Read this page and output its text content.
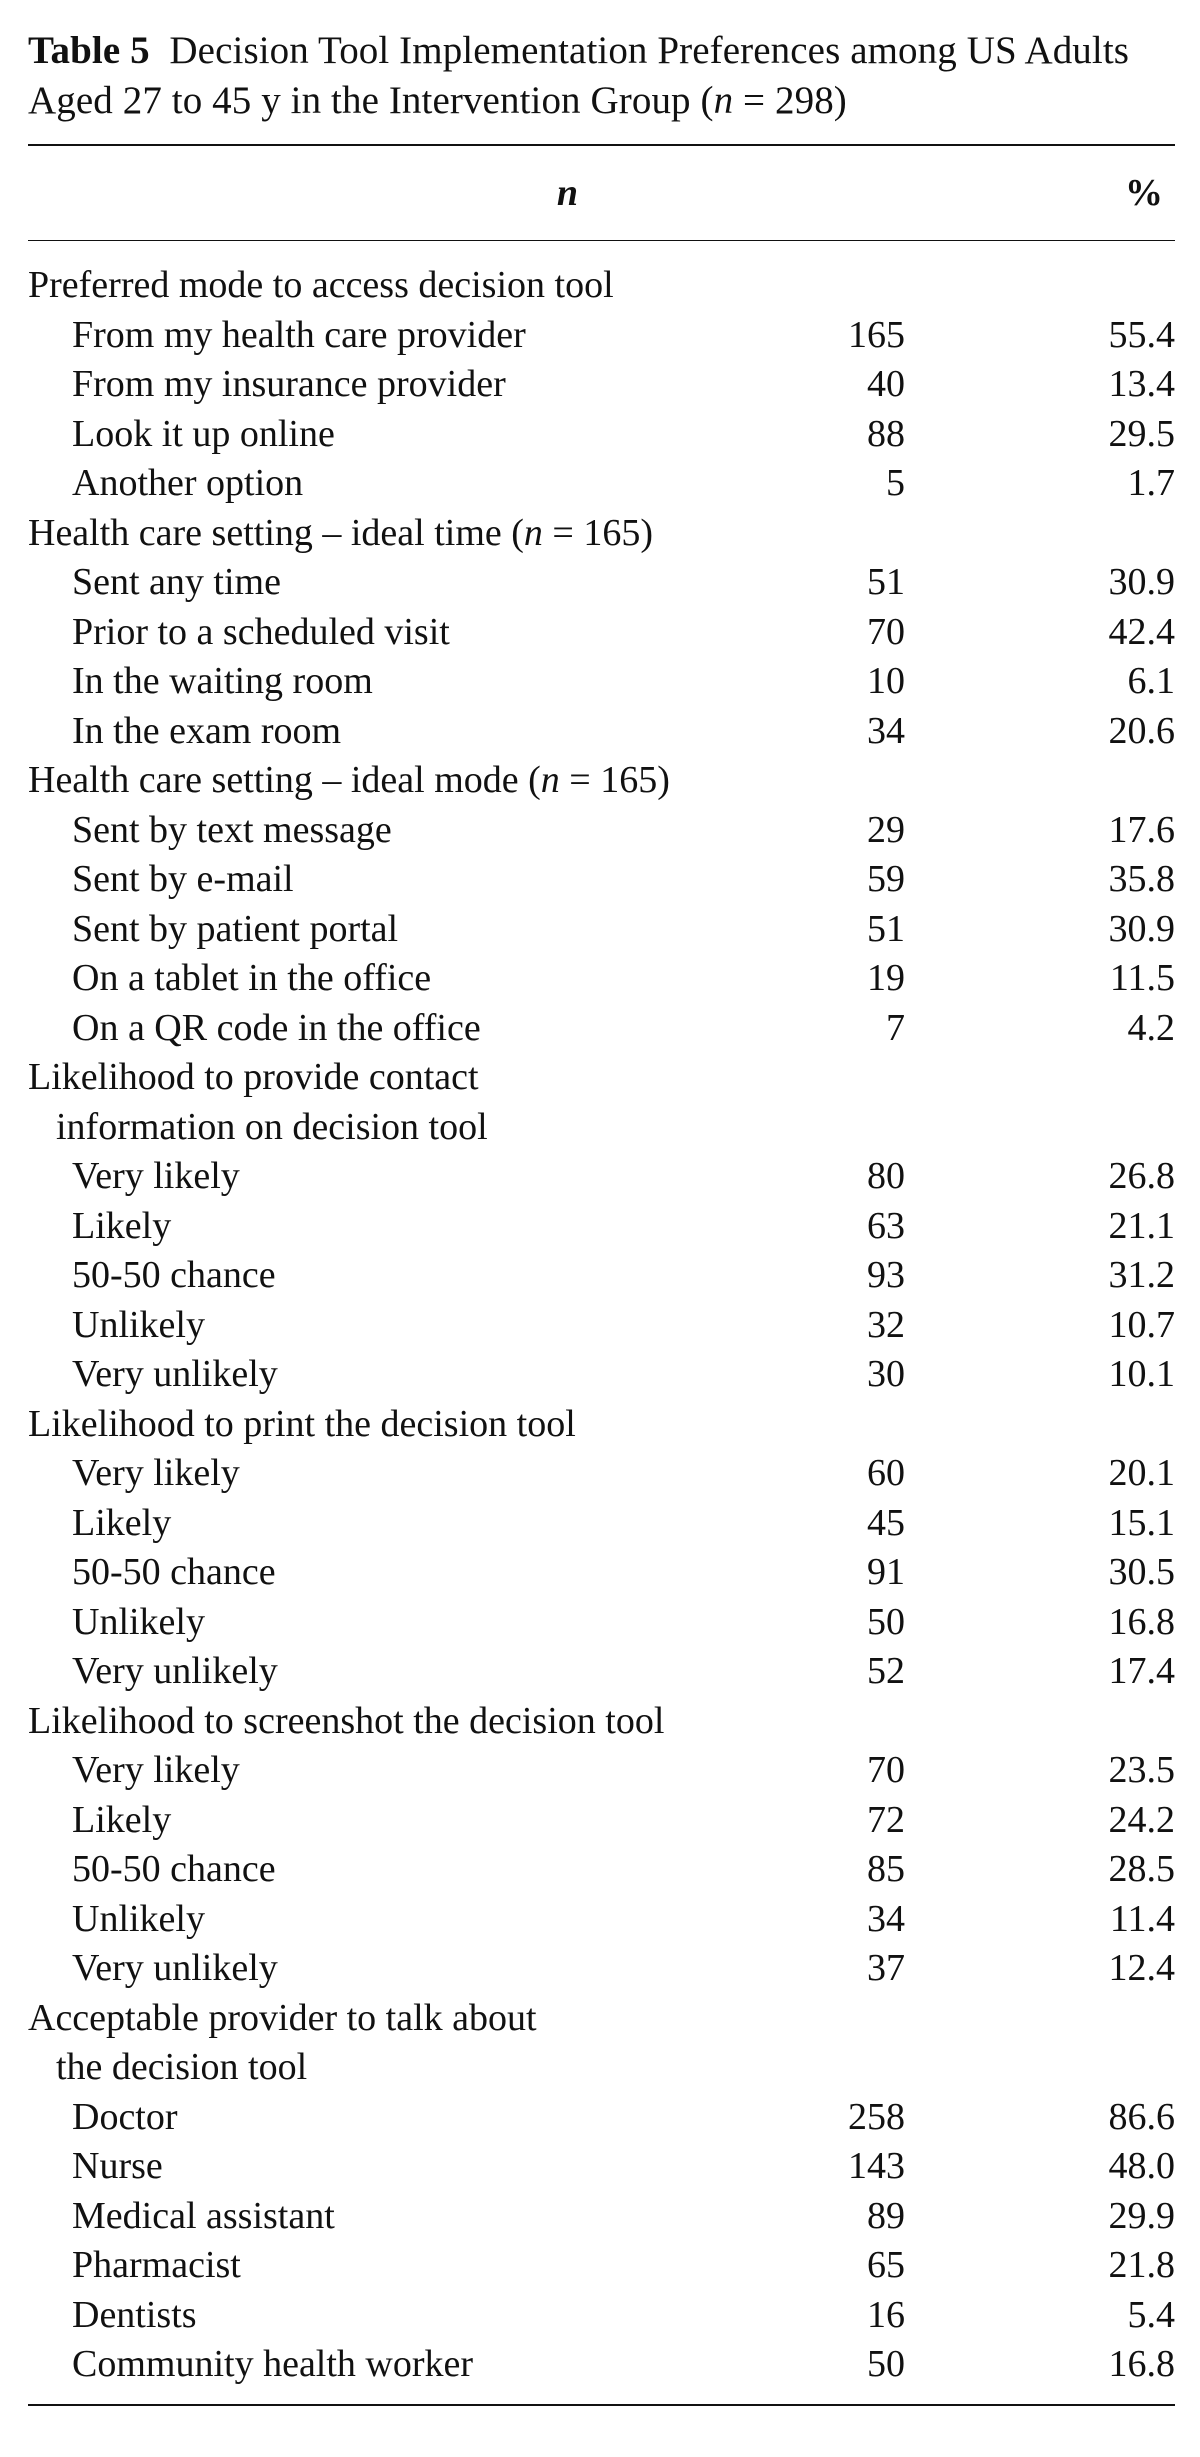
Table 5 Decision Tool Implementation Preferences among US Adults Aged 27 to 45 y in the Intervention Group (n = 298)
	n	%

Preferred mode to access decision tool		
From my health care provider	165	55.4
From my insurance provider	40	13.4
Look it up online	88	29.5
Another option	5	1.7
Health care setting – ideal time (n = 165)		
Sent any time	51	30.9
Prior to a scheduled visit	70	42.4
In the waiting room	10	6.1
In the exam room	34	20.6
Health care setting – ideal mode (n = 165)		
Sent by text message	29	17.6
Sent by e-mail	59	35.8
Sent by patient portal	51	30.9
On a tablet in the office	19	11.5
On a QR code in the office	7	4.2
Likelihood to provide contact		
information on decision tool		
Very likely	80	26.8
Likely	63	21.1
50-50 chance	93	31.2
Unlikely	32	10.7
Very unlikely	30	10.1
Likelihood to print the decision tool		
Very likely	60	20.1
Likely	45	15.1
50-50 chance	91	30.5
Unlikely	50	16.8
Very unlikely	52	17.4
Likelihood to screenshot the decision tool		
Very likely	70	23.5
Likely	72	24.2
50-50 chance	85	28.5
Unlikely	34	11.4
Very unlikely	37	12.4
Acceptable provider to talk about		
the decision tool		
Doctor	258	86.6
Nurse	143	48.0
Medical assistant	89	29.9
Pharmacist	65	21.8
Dentists	16	5.4
Community health worker	50	16.8
